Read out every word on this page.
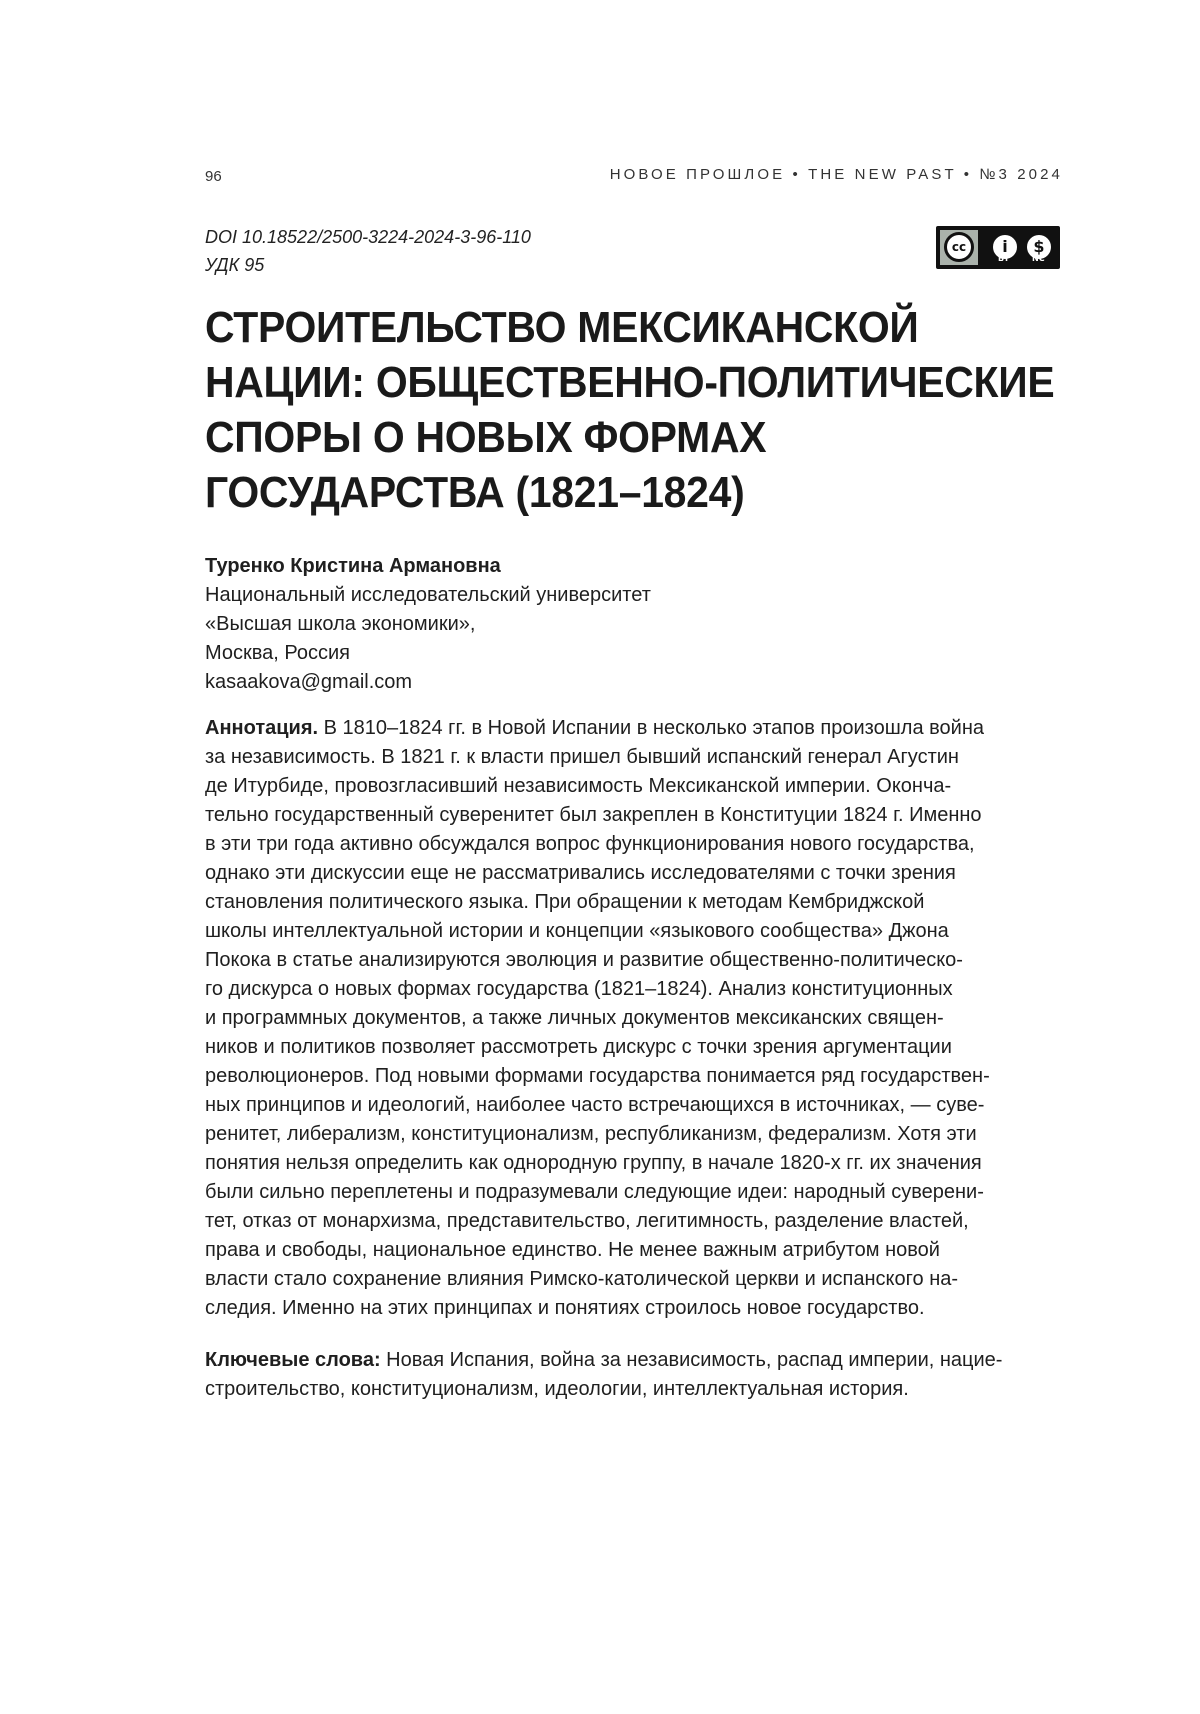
96	НОВОЕ ПРОШЛОЕ • THE NEW PAST • №3 2024
DOI 10.18522/2500-3224-2024-3-96-110
УДК 95
cc	i	$
BY	NC
СТРОИТЕЛЬСТВО МЕКСИКАНСКОЙ
НАЦИИ: ОБЩЕСТВЕННО-ПОЛИТИЧЕСКИЕ
СПОРЫ О НОВЫХ ФОРМАХ
ГОСУДАРСТВА (1821–1824)
Туренко Кристина Армановна
Национальный исследовательский университет
«Высшая школа экономики»,
Москва, Россия
kasaakova@gmail.com
Аннотация. В 1810–1824 гг. в Новой Испании в несколько этапов произошла война
за независимость. В 1821 г. к власти пришел бывший испанский генерал Агустин
де Итурбиде, провозгласивший независимость Мексиканской империи. Оконча-
тельно государственный суверенитет был закреплен в Конституции 1824 г. Именно
в эти три года активно обсуждался вопрос функционирования нового государства,
однако эти дискуссии еще не рассматривались исследователями с точки зрения
становления политического языка. При обращении к методам Кембриджской
школы интеллектуальной истории и концепции «языкового сообщества» Джона
Покока в статье анализируются эволюция и развитие общественно-политическо-
го дискурса о новых формах государства (1821–1824). Анализ конституционных
и программных документов, а также личных документов мексиканских священ-
ников и политиков позволяет рассмотреть дискурс с точки зрения аргументации
революционеров. Под новыми формами государства понимается ряд государствен-
ных принципов и идеологий, наиболее часто встречающихся в источниках, — суве-
ренитет, либерализм, конституционализм, республиканизм, федерализм. Хотя эти
понятия нельзя определить как однородную группу, в начале 1820-х гг. их значения
были сильно переплетены и подразумевали следующие идеи: народный суверени-
тет, отказ от монархизма, представительство, легитимность, разделение властей,
права и свободы, национальное единство. Не менее важным атрибутом новой
власти стало сохранение влияния Римско-католической церкви и испанского на-
следия. Именно на этих принципах и понятиях строилось новое государство.
Ключевые слова: Новая Испания, война за независимость, распад империи, нацие-
строительство, конституционализм, идеологии, интеллектуальная история.
